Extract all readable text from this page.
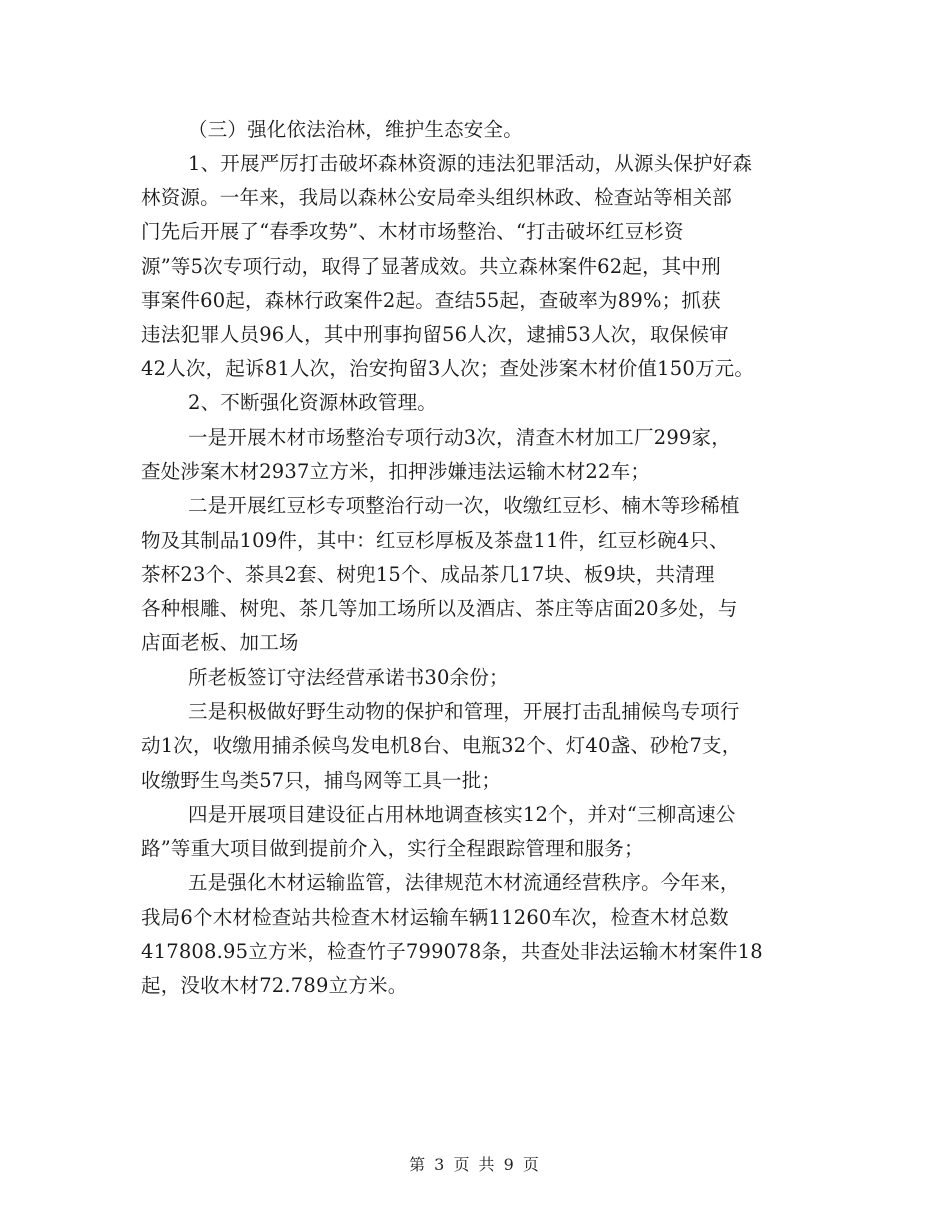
（三）强化依法治林，维护生态安全。
1、开展严厉打击破坏森林资源的违法犯罪活动，从源头保护好森
林资源。一年来，我局以森林公安局牵头组织林政、检查站等相关部
门先后开展了“春季攻势”、木材市场整治、“打击破坏红豆杉资
源”等5次专项行动，取得了显著成效。共立森林案件62起，其中刑
事案件60起，森林行政案件2起。查结55起，查破率为89%；抓获
违法犯罪人员96人，其中刑事拘留56人次，逮捕53人次，取保候审
42人次，起诉81人次，治安拘留3人次；查处涉案木材价值150万元。
2、不断强化资源林政管理。
一是开展木材市场整治专项行动3次，清查木材加工厂299家，
查处涉案木材2937立方米，扣押涉嫌违法运输木材22车；
二是开展红豆杉专项整治行动一次，收缴红豆杉、楠木等珍稀植
物及其制品109件，其中：红豆杉厚板及茶盘11件，红豆杉碗4只、
茶杯23个、茶具2套、树兜15个、成品茶几17块、板9块，共清理
各种根雕、树兜、茶几等加工场所以及酒店、茶庄等店面20多处，与
店面老板、加工场
所老板签订守法经营承诺书30余份；
三是积极做好野生动物的保护和管理，开展打击乱捕候鸟专项行
动1次，收缴用捕杀候鸟发电机8台、电瓶32个、灯40盏、砂枪7支，
收缴野生鸟类57只，捕鸟网等工具一批；
四是开展项目建设征占用林地调查核实12个，并对“三柳高速公
路”等重大项目做到提前介入，实行全程跟踪管理和服务；
五是强化木材运输监管，法律规范木材流通经营秩序。今年来，
我局6个木材检查站共检查木材运输车辆11260车次，检查木材总数
417808.95立方米，检查竹子799078条，共查处非法运输木材案件18
起，没收木材72.789立方米。
第 3 页 共 9 页
